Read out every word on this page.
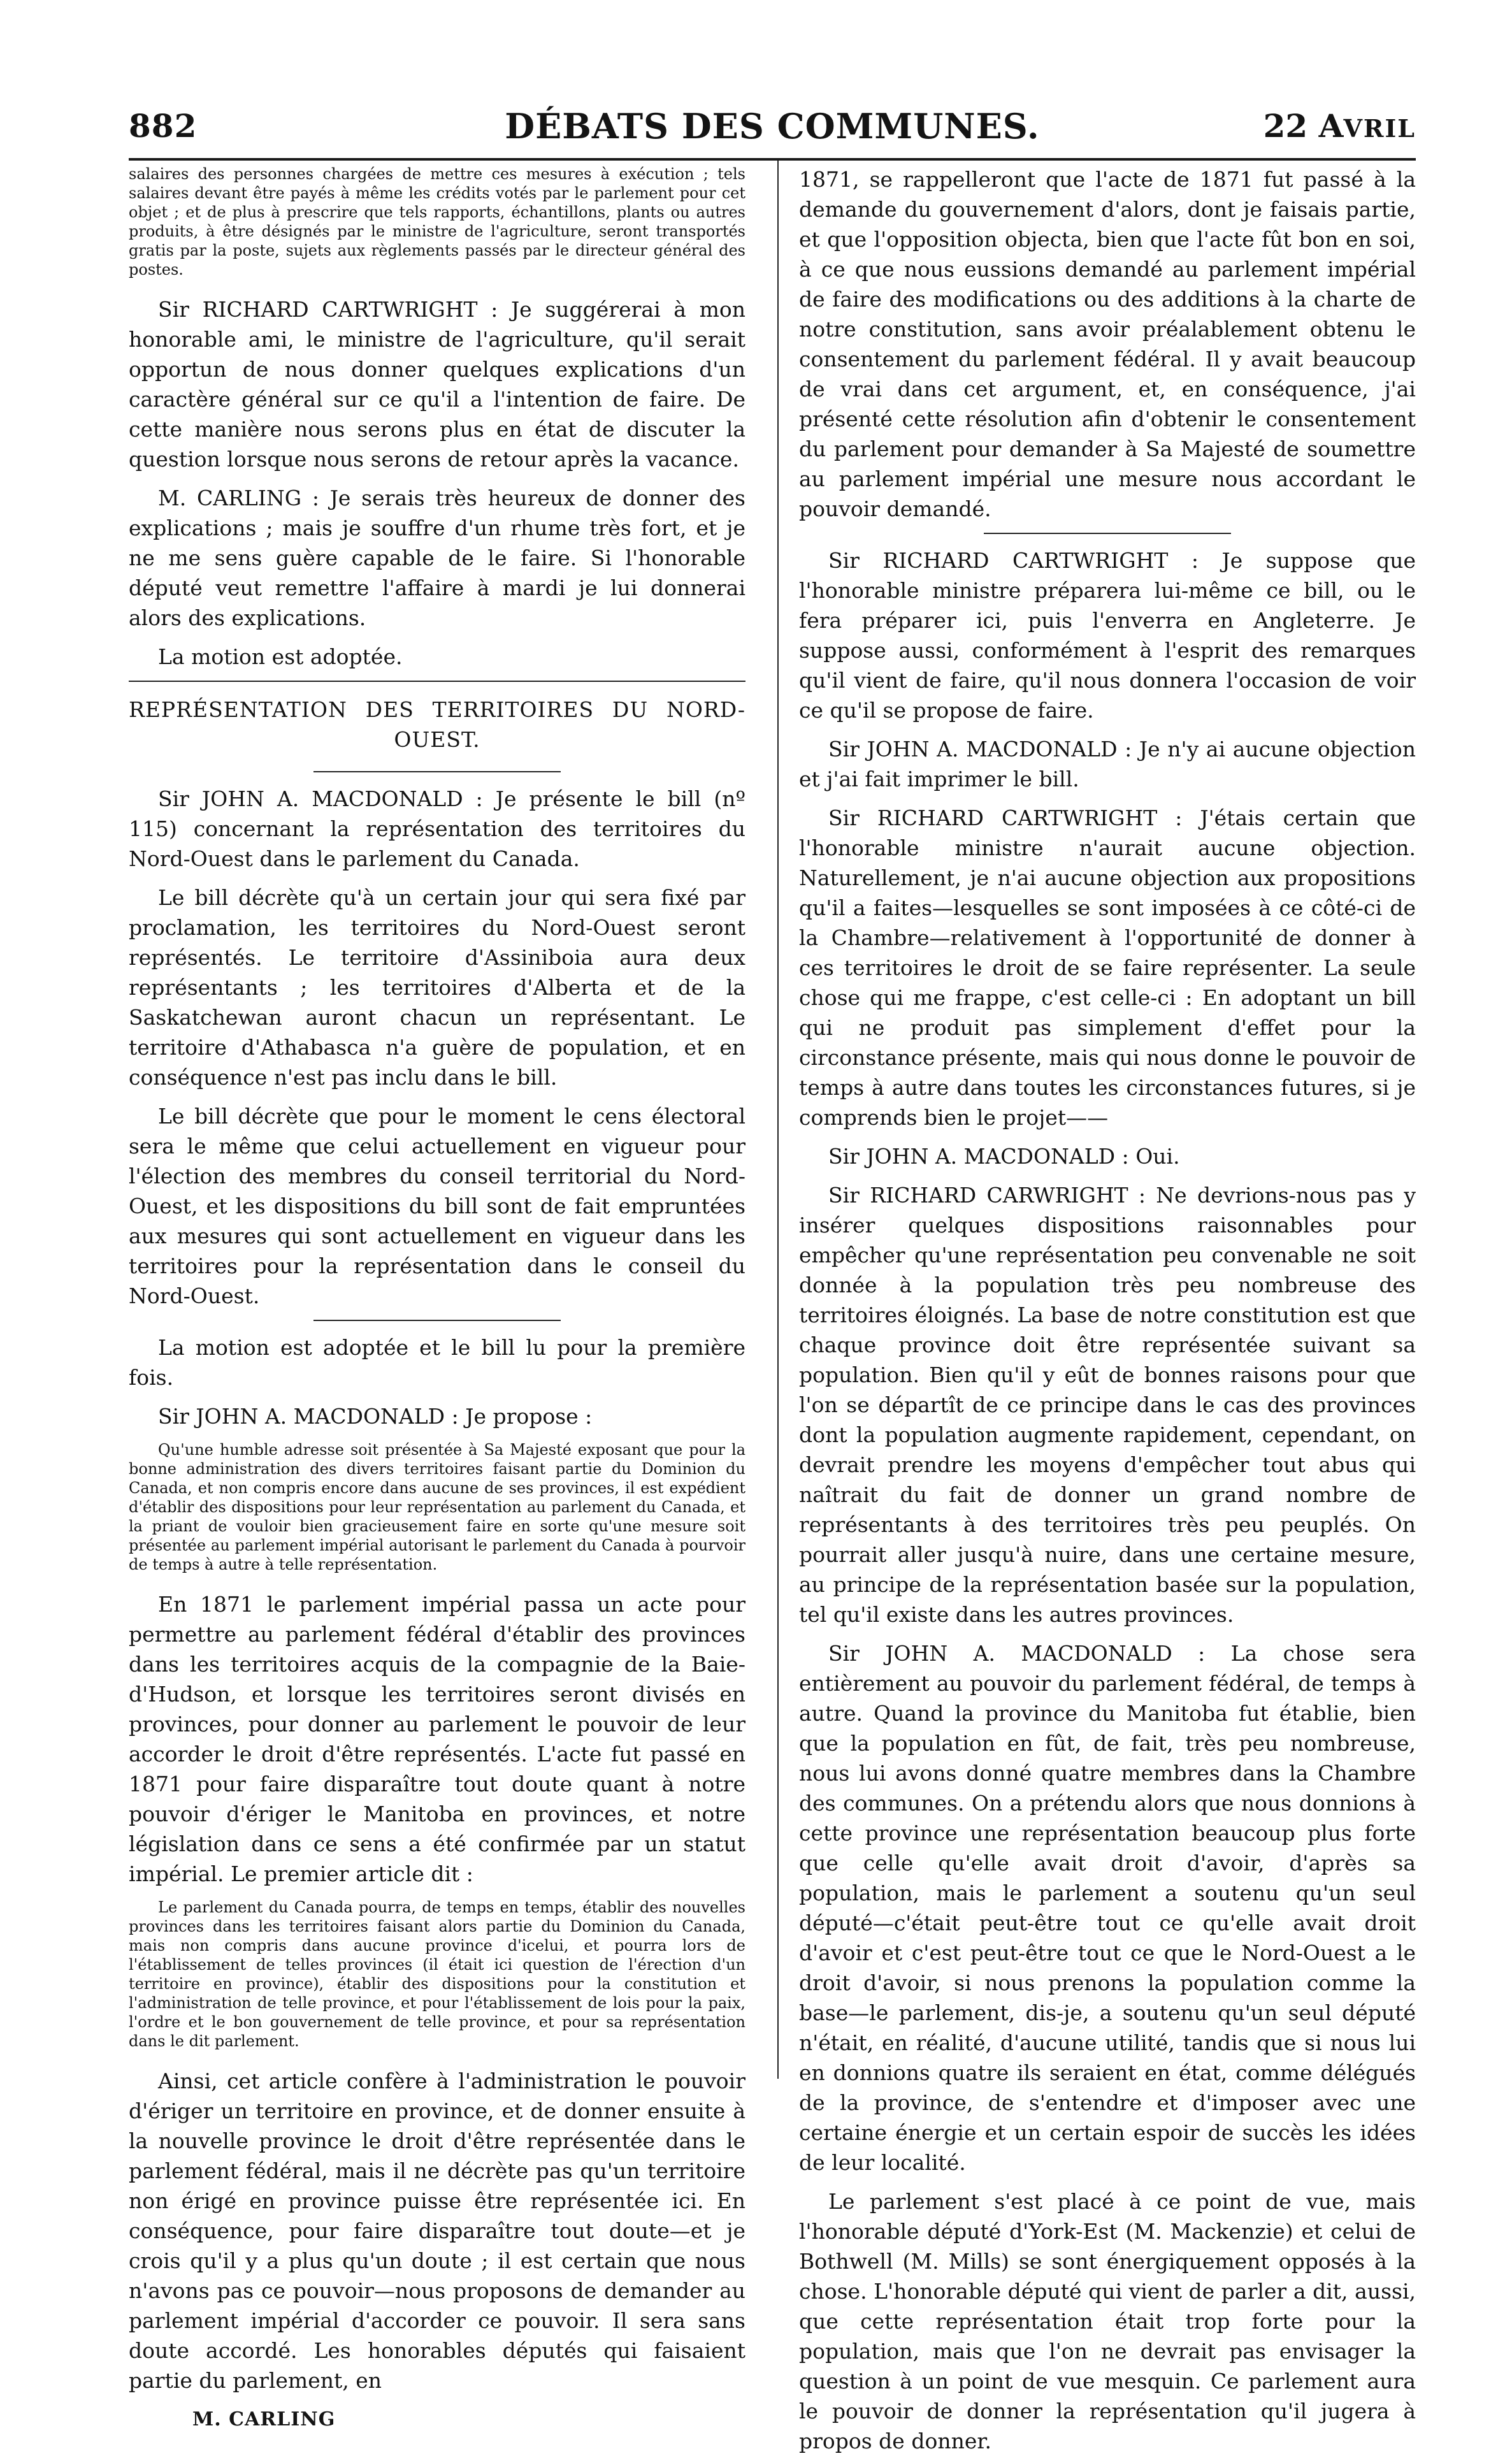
882	DÉBATS DES COMMUNES.	22 AVRIL

salaires des personnes chargées de mettre ces mesures à exécution ; tels salaires devant être payés à même les crédits votés par le parlement pour cet objet ; et de plus à prescrire que tels rapports, échantillons, plants ou autres produits, à être désignés par le ministre de l'agriculture, seront transportés gratis par la poste, sujets aux règlements passés par le directeur général des postes.

Sir RICHARD CARTWRIGHT : Je suggérerai à mon honorable ami, le ministre de l'agriculture, qu'il serait opportun de nous donner quelques explications d'un caractère général sur ce qu'il a l'intention de faire. De cette manière nous serons plus en état de discuter la question lorsque nous serons de retour après la vacance.

M. CARLING : Je serais très heureux de donner des explications ; mais je souffre d'un rhume très fort, et je ne me sens guère capable de le faire. Si l'honorable député veut remettre l'affaire à mardi je lui donnerai alors des explications.

La motion est adoptée.

REPRÉSENTATION DES TERRITOIRES DU NORD-OUEST.

Sir JOHN A. MACDONALD : Je présente le bill (nº 115) concernant la représentation des territoires du Nord-Ouest dans le parlement du Canada.

Le bill décrète qu'à un certain jour qui sera fixé par proclamation, les territoires du Nord-Ouest seront représentés. Le territoire d'Assiniboia aura deux représentants ; les territoires d'Alberta et de la Saskatchewan auront chacun un représentant. Le territoire d'Athabasca n'a guère de population, et en conséquence n'est pas inclu dans le bill.

Le bill décrète que pour le moment le cens électoral sera le même que celui actuellement en vigueur pour l'élection des membres du conseil territorial du Nord-Ouest, et les dispositions du bill sont de fait empruntées aux mesures qui sont actuellement en vigueur dans les territoires pour la représentation dans le conseil du Nord-Ouest.

La motion est adoptée et le bill lu pour la première fois.

Sir JOHN A. MACDONALD : Je propose :

Qu'une humble adresse soit présentée à Sa Majesté exposant que pour la bonne administration des divers territoires faisant partie du Dominion du Canada, et non compris encore dans aucune de ses provinces, il est expédient d'établir des dispositions pour leur représentation au parlement du Canada, et la priant de vouloir bien gracieusement faire en sorte qu'une mesure soit présentée au parlement impérial autorisant le parlement du Canada à pourvoir de temps à autre à telle représentation.

En 1871 le parlement impérial passa un acte pour permettre au parlement fédéral d'établir des provinces dans les territoires acquis de la compagnie de la Baie-d'Hudson, et lorsque les territoires seront divisés en provinces, pour donner au parlement le pouvoir de leur accorder le droit d'être représentés. L'acte fut passé en 1871 pour faire disparaître tout doute quant à notre pouvoir d'ériger le Manitoba en provinces, et notre législation dans ce sens a été confirmée par un statut impérial. Le premier article dit :

Le parlement du Canada pourra, de temps en temps, établir des nouvelles provinces dans les territoires faisant alors partie du Dominion du Canada, mais non compris dans aucune province d'icelui, et pourra lors de l'établissement de telles provinces (il était ici question de l'érection d'un territoire en province), établir des dispositions pour la constitution et l'administration de telle province, et pour l'établissement de lois pour la paix, l'ordre et le bon gouvernement de telle province, et pour sa représentation dans le dit parlement.

Ainsi, cet article confère à l'administration le pouvoir d'ériger un territoire en province, et de donner ensuite à la nouvelle province le droit d'être représentée dans le parlement fédéral, mais il ne décrète pas qu'un territoire non érigé en province puisse être représentée ici. En conséquence, pour faire disparaître tout doute—et je crois qu'il y a plus qu'un doute ; il est certain que nous n'avons pas ce pouvoir—nous proposons de demander au parlement impérial d'accorder ce pouvoir. Il sera sans doute accordé. Les honorables députés qui faisaient partie du parlement, en

M. CARLING

1871, se rappelleront que l'acte de 1871 fut passé à la demande du gouvernement d'alors, dont je faisais partie, et que l'opposition objecta, bien que l'acte fût bon en soi, à ce que nous eussions demandé au parlement impérial de faire des modifications ou des additions à la charte de notre constitution, sans avoir préalablement obtenu le consentement du parlement fédéral. Il y avait beaucoup de vrai dans cet argument, et, en conséquence, j'ai présenté cette résolution afin d'obtenir le consentement du parlement pour demander à Sa Majesté de soumettre au parlement impérial une mesure nous accordant le pouvoir demandé.

Sir RICHARD CARTWRIGHT : Je suppose que l'honorable ministre préparera lui-même ce bill, ou le fera préparer ici, puis l'enverra en Angleterre. Je suppose aussi, conformément à l'esprit des remarques qu'il vient de faire, qu'il nous donnera l'occasion de voir ce qu'il se propose de faire.

Sir JOHN A. MACDONALD : Je n'y ai aucune objection et j'ai fait imprimer le bill.

Sir RICHARD CARTWRIGHT : J'étais certain que l'honorable ministre n'aurait aucune objection. Naturellement, je n'ai aucune objection aux propositions qu'il a faites—lesquelles se sont imposées à ce côté-ci de la Chambre—relativement à l'opportunité de donner à ces territoires le droit de se faire représenter. La seule chose qui me frappe, c'est celle-ci : En adoptant un bill qui ne produit pas simplement d'effet pour la circonstance présente, mais qui nous donne le pouvoir de temps à autre dans toutes les circonstances futures, si je comprends bien le projet——

Sir JOHN A. MACDONALD : Oui.

Sir RICHARD CARWRIGHT : Ne devrions-nous pas y insérer quelques dispositions raisonnables pour empêcher qu'une représentation peu convenable ne soit donnée à la population très peu nombreuse des territoires éloignés. La base de notre constitution est que chaque province doit être représentée suivant sa population. Bien qu'il y eût de bonnes raisons pour que l'on se départît de ce principe dans le cas des provinces dont la population augmente rapidement, cependant, on devrait prendre les moyens d'empêcher tout abus qui naîtrait du fait de donner un grand nombre de représentants à des territoires très peu peuplés. On pourrait aller jusqu'à nuire, dans une certaine mesure, au principe de la représentation basée sur la population, tel qu'il existe dans les autres provinces.

Sir JOHN A. MACDONALD : La chose sera entièrement au pouvoir du parlement fédéral, de temps à autre. Quand la province du Manitoba fut établie, bien que la population en fût, de fait, très peu nombreuse, nous lui avons donné quatre membres dans la Chambre des communes. On a prétendu alors que nous donnions à cette province une représentation beaucoup plus forte que celle qu'elle avait droit d'avoir, d'après sa population, mais le parlement a soutenu qu'un seul député—c'était peut-être tout ce qu'elle avait droit d'avoir et c'est peut-être tout ce que le Nord-Ouest a le droit d'avoir, si nous prenons la population comme la base—le parlement, dis-je, a soutenu qu'un seul député n'était, en réalité, d'aucune utilité, tandis que si nous lui en donnions quatre ils seraient en état, comme délégués de la province, de s'entendre et d'imposer avec une certaine énergie et un certain espoir de succès les idées de leur localité.

Le parlement s'est placé à ce point de vue, mais l'honorable député d'York-Est (M. Mackenzie) et celui de Bothwell (M. Mills) se sont énergiquement opposés à la chose. L'honorable député qui vient de parler a dit, aussi, que cette représentation était trop forte pour la population, mais que l'on ne devrait pas envisager la question à un point de vue mesquin. Ce parlement aura le pouvoir de donner la représentation qu'il jugera à propos de donner.
